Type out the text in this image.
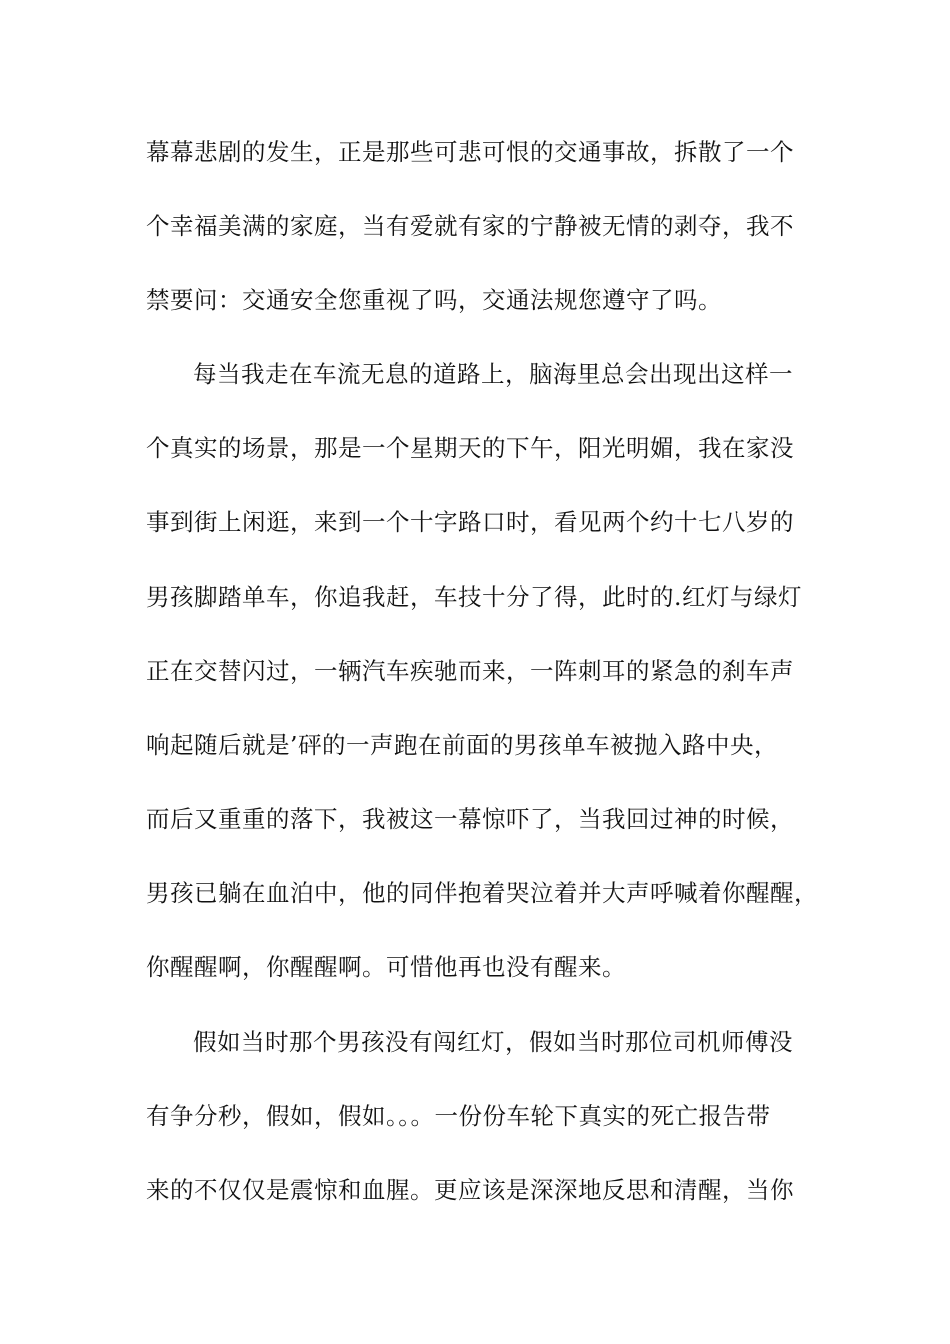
幕幕悲剧的发生，正是那些可悲可恨的交通事故，拆散了一个
个幸福美满的家庭，当有爱就有家的宁静被无情的剥夺，我不
禁要问：交通安全您重视了吗，交通法规您遵守了吗。
每当我走在车流无息的道路上，脑海里总会出现出这样一
个真实的场景，那是一个星期天的下午，阳光明媚，我在家没
事到街上闲逛，来到一个十字路口时，看见两个约十七八岁的
男孩脚踏单车，你追我赶，车技十分了得，此时的.红灯与绿灯
正在交替闪过，一辆汽车疾驰而来，一阵刺耳的紧急的刹车声
响起随后就是’砰的一声跑在前面的男孩单车被抛入路中央，
而后又重重的落下，我被这一幕惊吓了，当我回过神的时候，
男孩已躺在血泊中，他的同伴抱着哭泣着并大声呼喊着你醒醒，
你醒醒啊，你醒醒啊。可惜他再也没有醒来。
假如当时那个男孩没有闯红灯，假如当时那位司机师傅没
有争分秒，假如，假如。。。一份份车轮下真实的死亡报告带
来的不仅仅是震惊和血腥。更应该是深深地反思和清醒，当你
